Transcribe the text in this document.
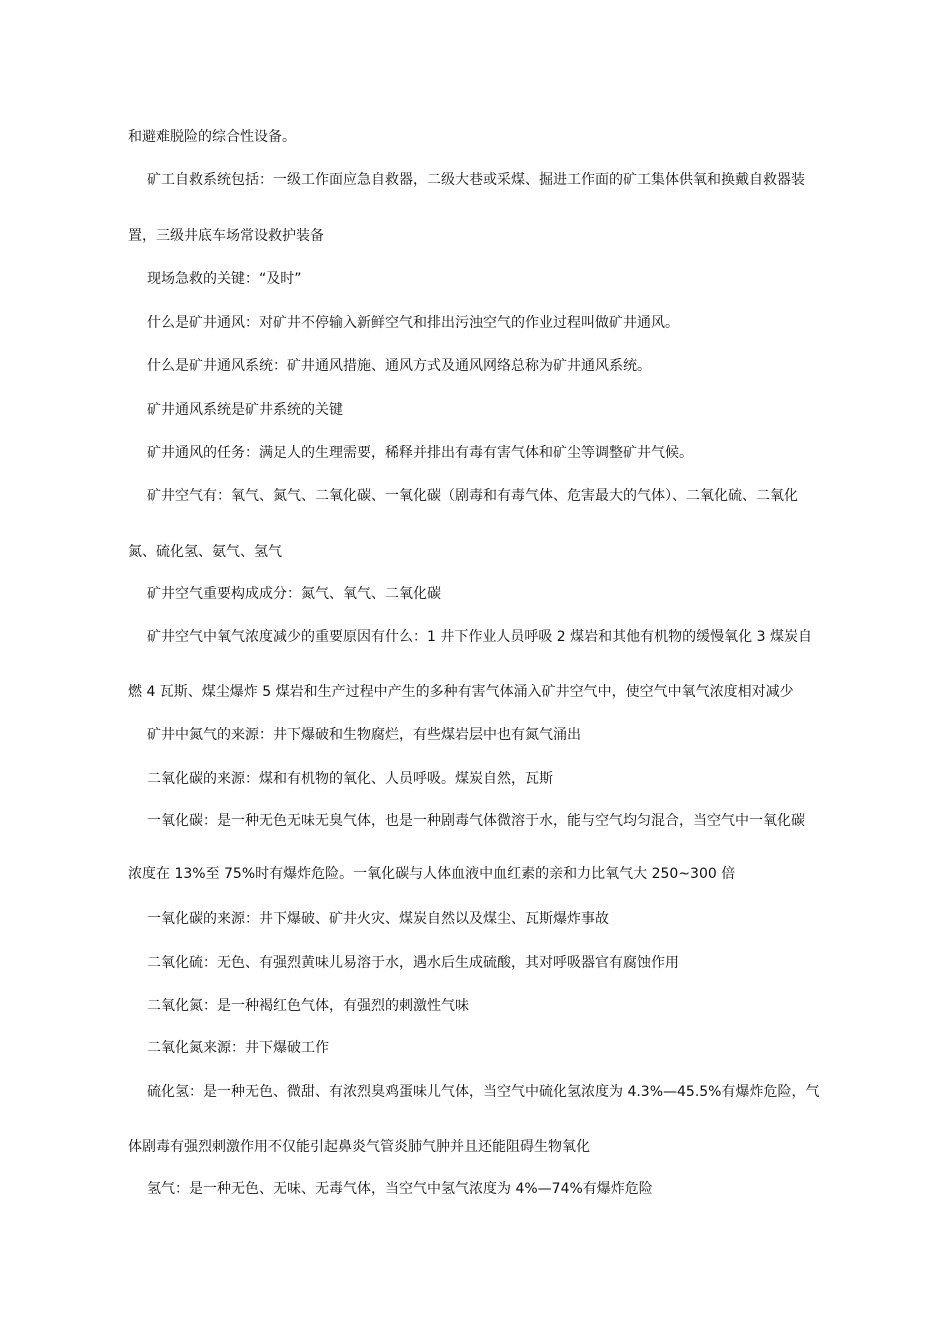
和避难脱险的综合性设备。
矿工自救系统包括：一级工作面应急自救器，二级大巷或采煤、掘进工作面的矿工集体供氧和换戴自救器装
置，三级井底车场常设救护装备
现场急救的关键：“及时”
什么是矿井通风：对矿井不停输入新鲜空气和排出污浊空气的作业过程叫做矿井通风。
什么是矿井通风系统：矿井通风措施、通风方式及通风网络总称为矿井通风系统。
矿井通风系统是矿井系统的关键
矿井通风的任务：满足人的生理需要，稀释并排出有毒有害气体和矿尘等调整矿井气候。
矿井空气有：氧气、氮气、二氧化碳、一氧化碳（剧毒和有毒气体、危害最大的气体）、二氧化硫、二氧化
氮、硫化氢、氨气、氢气
矿井空气重要构成成分：氮气、氧气、二氧化碳
矿井空气中氧气浓度减少的重要原因有什么：1 井下作业人员呼吸 2 煤岩和其他有机物的缓慢氧化 3 煤炭自
燃 4 瓦斯、煤尘爆炸 5 煤岩和生产过程中产生的多种有害气体涌入矿井空气中，使空气中氧气浓度相对减少
矿井中氮气的来源：井下爆破和生物腐烂，有些煤岩层中也有氮气涌出
二氧化碳的来源：煤和有机物的氧化、人员呼吸。煤炭自然，瓦斯
一氧化碳：是一种无色无味无臭气体，也是一种剧毒气体微溶于水，能与空气均匀混合，当空气中一氧化碳
浓度在 13%至 75%时有爆炸危险。一氧化碳与人体血液中血红素的亲和力比氧气大 250~300 倍
一氧化碳的来源：井下爆破、矿井火灾、煤炭自然以及煤尘、瓦斯爆炸事故
二氧化硫：无色、有强烈黄味儿易溶于水，遇水后生成硫酸，其对呼吸器官有腐蚀作用
二氧化氮：是一种褐红色气体，有强烈的刺激性气味
二氧化氮来源：井下爆破工作
硫化氢：是一种无色、微甜、有浓烈臭鸡蛋味儿气体，当空气中硫化氢浓度为 4.3%—45.5%有爆炸危险，气
体剧毒有强烈刺激作用不仅能引起鼻炎气管炎肺气肿并且还能阻碍生物氧化
氢气：是一种无色、无味、无毒气体，当空气中氢气浓度为 4%—74%有爆炸危险
